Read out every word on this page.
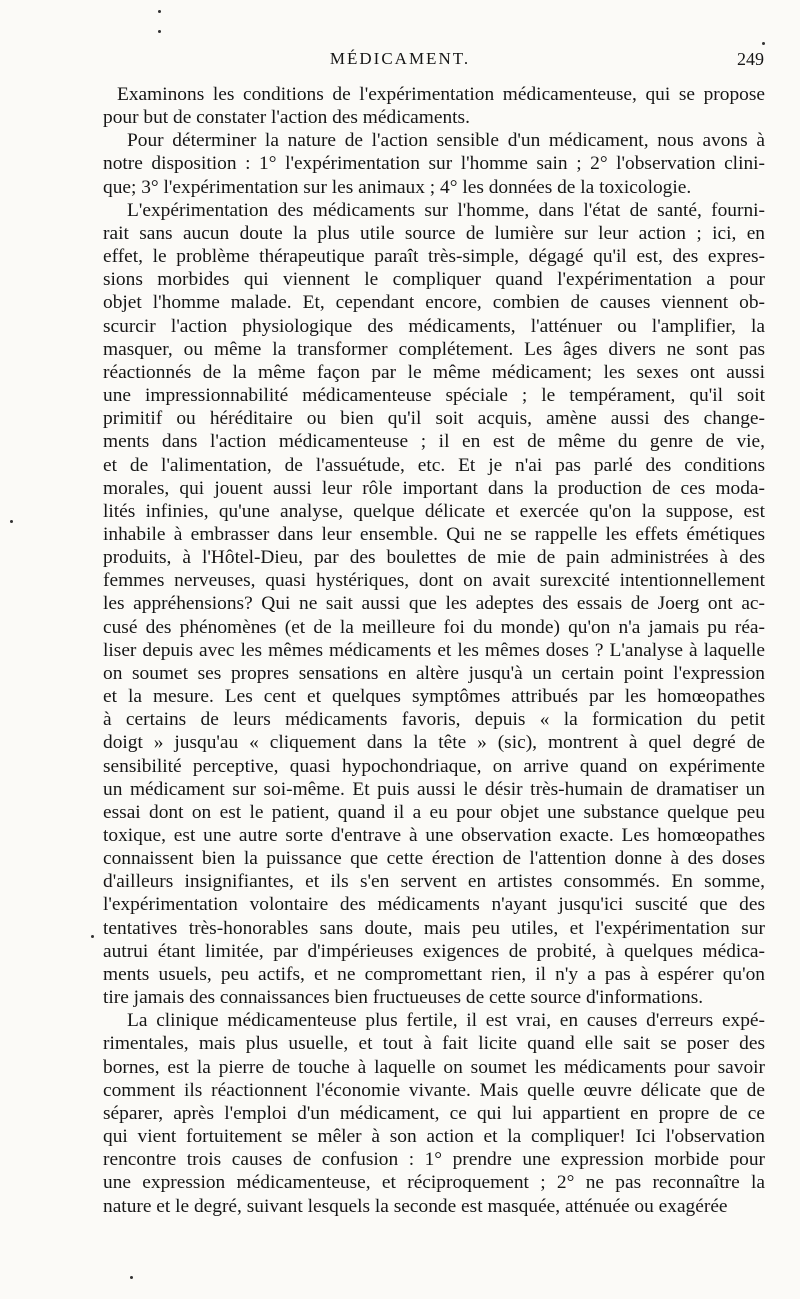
MÉDICAMENT.	249
Examinons les conditions de l'expérimentation médicamenteuse, qui se propose
pour but de constater l'action des médicaments.
Pour déterminer la nature de l'action sensible d'un médicament, nous avons à
notre disposition : 1° l'expérimentation sur l'homme sain ; 2° l'observation clini-
que; 3° l'expérimentation sur les animaux ; 4° les données de la toxicologie.
L'expérimentation des médicaments sur l'homme, dans l'état de santé, fourni-
rait sans aucun doute la plus utile source de lumière sur leur action ; ici, en
effet, le problème thérapeutique paraît très-simple, dégagé qu'il est, des expres-
sions morbides qui viennent le compliquer quand l'expérimentation a pour
objet l'homme malade. Et, cependant encore, combien de causes viennent ob-
scurcir l'action physiologique des médicaments, l'atténuer ou l'amplifier, la
masquer, ou même la transformer complétement. Les âges divers ne sont pas
réactionnés de la même façon par le même médicament; les sexes ont aussi
une impressionnabilité médicamenteuse spéciale ; le tempérament, qu'il soit
primitif ou héréditaire ou bien qu'il soit acquis, amène aussi des change-
ments dans l'action médicamenteuse ; il en est de même du genre de vie,
et de l'alimentation, de l'assuétude, etc. Et je n'ai pas parlé des conditions
morales, qui jouent aussi leur rôle important dans la production de ces moda-
lités infinies, qu'une analyse, quelque délicate et exercée qu'on la suppose, est
inhabile à embrasser dans leur ensemble. Qui ne se rappelle les effets émétiques
produits, à l'Hôtel-Dieu, par des boulettes de mie de pain administrées à des
femmes nerveuses, quasi hystériques, dont on avait surexcité intentionnellement
les appréhensions? Qui ne sait aussi que les adeptes des essais de Joerg ont ac-
cusé des phénomènes (et de la meilleure foi du monde) qu'on n'a jamais pu réa-
liser depuis avec les mêmes médicaments et les mêmes doses ? L'analyse à laquelle
on soumet ses propres sensations en altère jusqu'à un certain point l'expression
et la mesure. Les cent et quelques symptômes attribués par les homœopathes
à certains de leurs médicaments favoris, depuis « la formication du petit
doigt » jusqu'au « cliquement dans la tête » (sic), montrent à quel degré de
sensibilité perceptive, quasi hypochondriaque, on arrive quand on expérimente
un médicament sur soi-même. Et puis aussi le désir très-humain de dramatiser un
essai dont on est le patient, quand il a eu pour objet une substance quelque peu
toxique, est une autre sorte d'entrave à une observation exacte. Les homœopathes
connaissent bien la puissance que cette érection de l'attention donne à des doses
d'ailleurs insignifiantes, et ils s'en servent en artistes consommés. En somme,
l'expérimentation volontaire des médicaments n'ayant jusqu'ici suscité que des
tentatives très-honorables sans doute, mais peu utiles, et l'expérimentation sur
autrui étant limitée, par d'impérieuses exigences de probité, à quelques médica-
ments usuels, peu actifs, et ne compromettant rien, il n'y a pas à espérer qu'on
tire jamais des connaissances bien fructueuses de cette source d'informations.
La clinique médicamenteuse plus fertile, il est vrai, en causes d'erreurs expé-
rimentales, mais plus usuelle, et tout à fait licite quand elle sait se poser des
bornes, est la pierre de touche à laquelle on soumet les médicaments pour savoir
comment ils réactionnent l'économie vivante. Mais quelle œuvre délicate que de
séparer, après l'emploi d'un médicament, ce qui lui appartient en propre de ce
qui vient fortuitement se mêler à son action et la compliquer! Ici l'observation
rencontre trois causes de confusion : 1° prendre une expression morbide pour
une expression médicamenteuse, et réciproquement ; 2° ne pas reconnaître la
nature et le degré, suivant lesquels la seconde est masquée, atténuée ou exagérée
